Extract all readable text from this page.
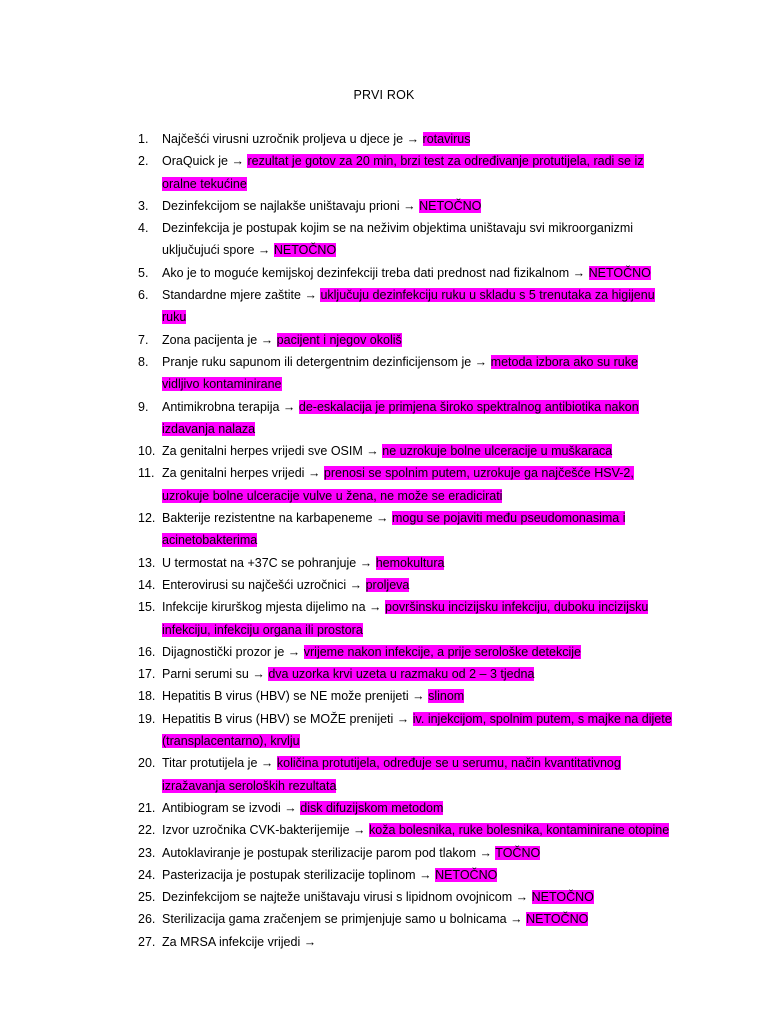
PRVI ROK
1.	Najčešći virusni uzročnik proljeva u djece je → rotavirus
2.	OraQuick je → rezultat je gotov za 20 min, brzi test za određivanje protutijela, radi se iz oralne tekućine
3.	Dezinfekcijom se najlakše uništavaju prioni → NETOČNO
4.	Dezinfekcija je postupak kojim se na neživim objektima uništavaju svi mikroorganizmi uključujući spore → NETOČNO
5.	Ako je to moguće kemijskoj dezinfekciji treba dati prednost nad fizikalnom → NETOČNO
6.	Standardne mjere zaštite → uključuju dezinfekciju ruku u skladu s 5 trenutaka za higijenu ruku
7.	Zona pacijenta je → pacijent i njegov okoliš
8.	Pranje ruku sapunom ili detergentnim dezinficijensom je → metoda izbora ako su ruke vidljivo kontaminirane
9.	Antimikrobna terapija → de-eskalacija je primjena široko spektralnog antibiotika nakon izdavanja nalaza
10. Za genitalni herpes vrijedi sve OSIM → ne uzrokuje bolne ulceracije u muškaraca
11. Za genitalni herpes vrijedi → prenosi se spolnim putem, uzrokuje ga najčešće HSV-2, uzrokuje bolne ulceracije vulve u žena, ne može se eradicirati
12. Bakterije rezistentne na karbapeneme → mogu se pojaviti među pseudomonasima i acinetobakterima
13. U termostat na +37C se pohranjuje → hemokultura
14. Enterovirusi su najčešći uzročnici → proljeva
15. Infekcije kirurškog mjesta dijelimo na → površinsku incizijsku infekciju, duboku incizijsku infekciju, infekciju organa ili prostora
16. Dijagnostički prozor je → vrijeme nakon infekcije, a prije serološke detekcije
17. Parni serumi su → dva uzorka krvi uzeta u razmaku od 2 – 3 tjedna
18. Hepatitis B virus (HBV) se NE može prenijeti → slinom
19. Hepatitis B virus (HBV) se MOŽE prenijeti → iv. injekcijom, spolnim putem, s majke na dijete (transplacentarno), krvlju
20. Titar protutijela je → količina protutijela, određuje se u serumu, način kvantitativnog izražavanja seroloških rezultata
21. Antibiogram se izvodi → disk difuzijskom metodom
22. Izvor uzročnika CVK-bakterijemije → koža bolesnika, ruke bolesnika, kontaminirane otopine
23. Autoklaviranje je postupak sterilizacije parom pod tlakom → TOČNO
24. Pasterizacija je postupak sterilizacije toplinom → NETOČNO
25. Dezinfekcijom se najteže uništavaju virusi s lipidnom ovojnicom → NETOČNO
26. Sterilizacija gama zračenjem se primjenjuje samo u bolnicama → NETOČNO
27. Za MRSA infekcije vrijedi →
